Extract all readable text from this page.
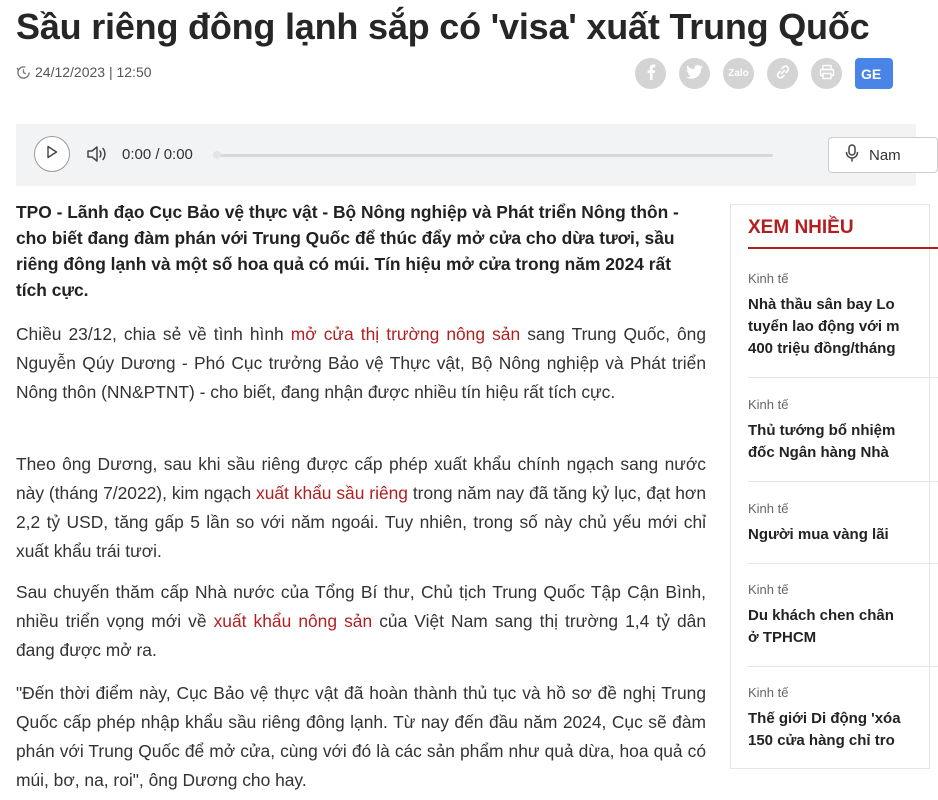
Sầu riêng đông lạnh sắp có 'visa' xuất Trung Quốc
24/12/2023 | 12:50	Zalo	GE
0:00 / 0:00	Nam

TPO - Lãnh đạo Cục Bảo vệ thực vật - Bộ Nông nghiệp và Phát triển Nông thôn - cho biết đang đàm phán với Trung Quốc để thúc đẩy mở cửa cho dừa tươi, sầu riêng đông lạnh và một số hoa quả có múi. Tín hiệu mở cửa trong năm 2024 rất tích cực.

Chiều 23/12, chia sẻ về tình hình mở cửa thị trường nông sản sang Trung Quốc, ông Nguyễn Qúy Dương - Phó Cục trưởng Bảo vệ Thực vật, Bộ Nông nghiệp và Phát triển Nông thôn (NN&PTNT) - cho biết, đang nhận được nhiều tín hiệu rất tích cực.

Theo ông Dương, sau khi sầu riêng được cấp phép xuất khẩu chính ngạch sang nước này (tháng 7/2022), kim ngạch xuất khẩu sầu riêng trong năm nay đã tăng kỷ lục, đạt hơn 2,2 tỷ USD, tăng gấp 5 lần so với năm ngoái. Tuy nhiên, trong số này chủ yếu mới chỉ xuất khẩu trái tươi.

Sau chuyến thăm cấp Nhà nước của Tổng Bí thư, Chủ tịch Trung Quốc Tập Cận Bình, nhiều triển vọng mới về xuất khẩu nông sản của Việt Nam sang thị trường 1,4 tỷ dân đang được mở ra.

"Đến thời điểm này, Cục Bảo vệ thực vật đã hoàn thành thủ tục và hồ sơ đề nghị Trung Quốc cấp phép nhập khẩu sầu riêng đông lạnh. Từ nay đến đầu năm 2024, Cục sẽ đàm phán với Trung Quốc để mở cửa, cùng với đó là các sản phẩm như quả dừa, hoa quả có múi, bơ, na, roi", ông Dương cho hay.

XEM NHIỀU
Kinh tế
Nhà thầu sân bay Lo
tuyển lao động với m
400 triệu đồng/tháng
Kinh tế
Thủ tướng bổ nhiệm
đốc Ngân hàng Nhà
Kinh tế
Người mua vàng lãi
Kinh tế
Du khách chen chân
ở TPHCM
Kinh tế
Thế giới Di động 'xóa
150 cửa hàng chỉ tro
